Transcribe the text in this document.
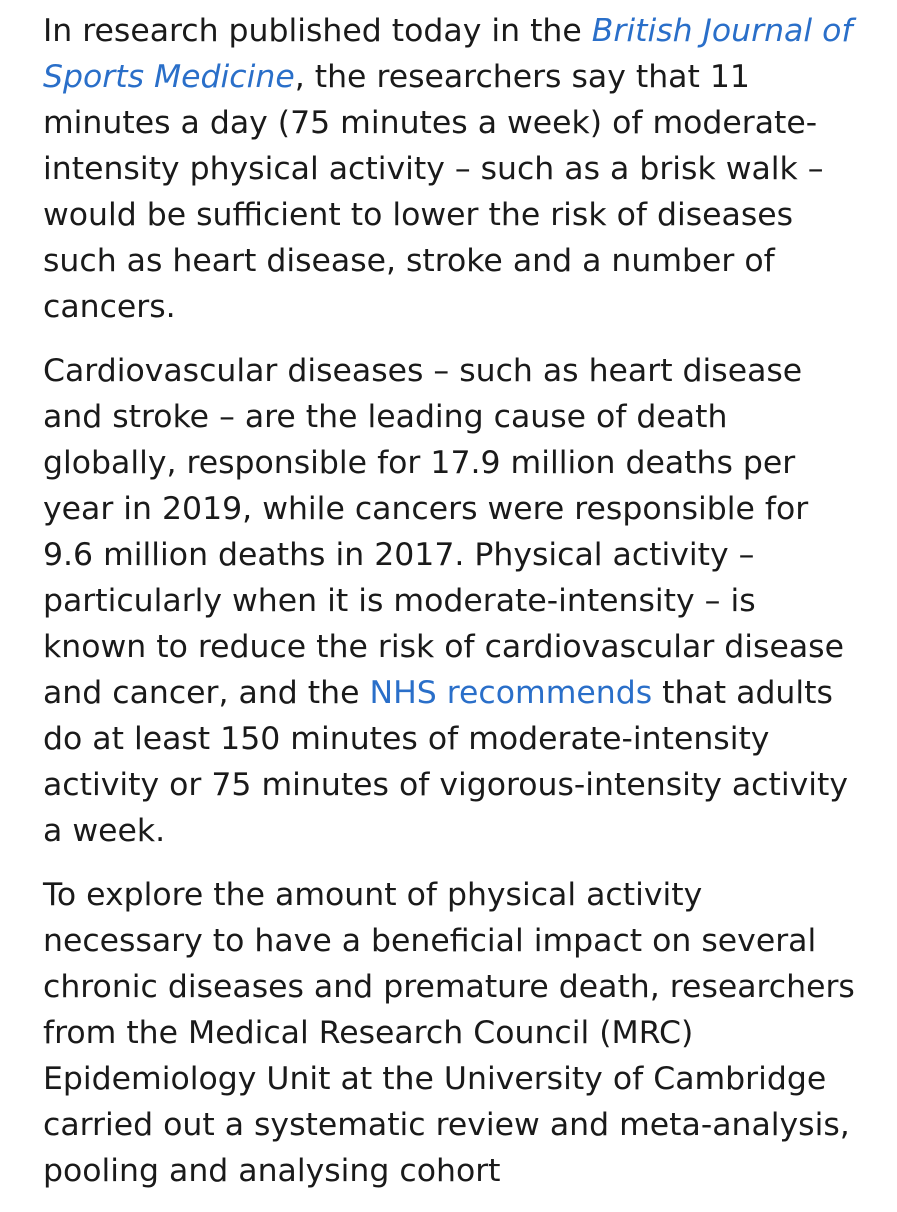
In research published today in the British Journal of Sports Medicine, the researchers say that 11 minutes a day (75 minutes a week) of moderate-intensity physical activity – such as a brisk walk – would be sufficient to lower the risk of diseases such as heart disease, stroke and a number of cancers.

Cardiovascular diseases – such as heart disease and stroke – are the leading cause of death globally, responsible for 17.9 million deaths per year in 2019, while cancers were responsible for 9.6 million deaths in 2017. Physical activity – particularly when it is moderate-intensity – is known to reduce the risk of cardiovascular disease and cancer, and the NHS recommends that adults do at least 150 minutes of moderate-intensity activity or 75 minutes of vigorous-intensity activity a week.

To explore the amount of physical activity necessary to have a beneficial impact on several chronic diseases and premature death, researchers from the Medical Research Council (MRC) Epidemiology Unit at the University of Cambridge carried out a systematic review and meta-analysis, pooling and analysing cohort
